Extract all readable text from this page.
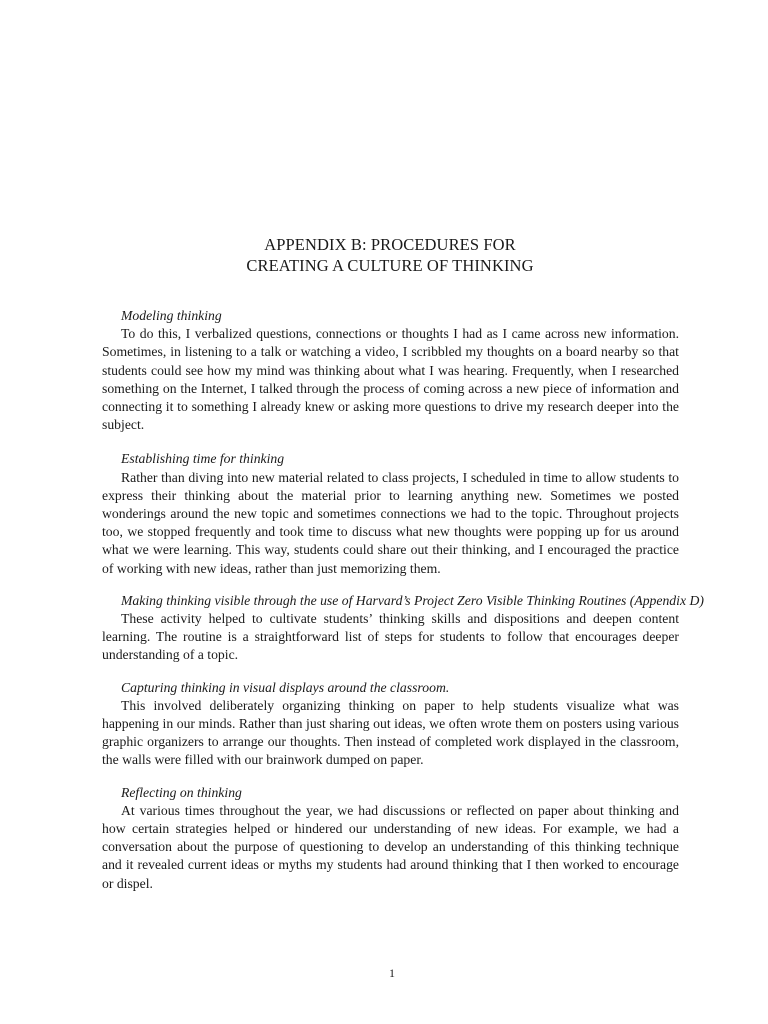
APPENDIX B: PROCEDURES FOR
CREATING A CULTURE OF THINKING
Modeling thinking

To do this, I verbalized questions, connections or thoughts I had as I came across new information. Sometimes, in listening to a talk or watching a video, I scribbled my thoughts on a board nearby so that students could see how my mind was thinking about what I was hearing. Frequently, when I researched something on the Internet, I talked through the process of coming across a new piece of information and connecting it to something I already knew or asking more questions to drive my research deeper into the subject.

Establishing time for thinking

Rather than diving into new material related to class projects, I scheduled in time to allow students to express their thinking about the material prior to learning anything new. Sometimes we posted wonderings around the new topic and sometimes connections we had to the topic. Throughout projects too, we stopped frequently and took time to discuss what new thoughts were popping up for us around what we were learning. This way, students could share out their thinking, and I encouraged the practice of working with new ideas, rather than just memorizing them.

Making thinking visible through the use of Harvard’s Project Zero Visible Thinking Routines (Appendix D)

These activity helped to cultivate students’ thinking skills and dispositions and deepen content learning. The routine is a straightforward list of steps for students to follow that encourages deeper understanding of a topic.

Capturing thinking in visual displays around the classroom.

This involved deliberately organizing thinking on paper to help students visualize what was happening in our minds. Rather than just sharing out ideas, we often wrote them on posters using various graphic organizers to arrange our thoughts. Then instead of completed work displayed in the classroom, the walls were filled with our brainwork dumped on paper.

Reflecting on thinking

At various times throughout the year, we had discussions or reflected on paper about thinking and how certain strategies helped or hindered our understanding of new ideas. For example, we had a conversation about the purpose of questioning to develop an understanding of this thinking technique and it revealed current ideas or myths my students had around thinking that I then worked to encourage or dispel.

1
